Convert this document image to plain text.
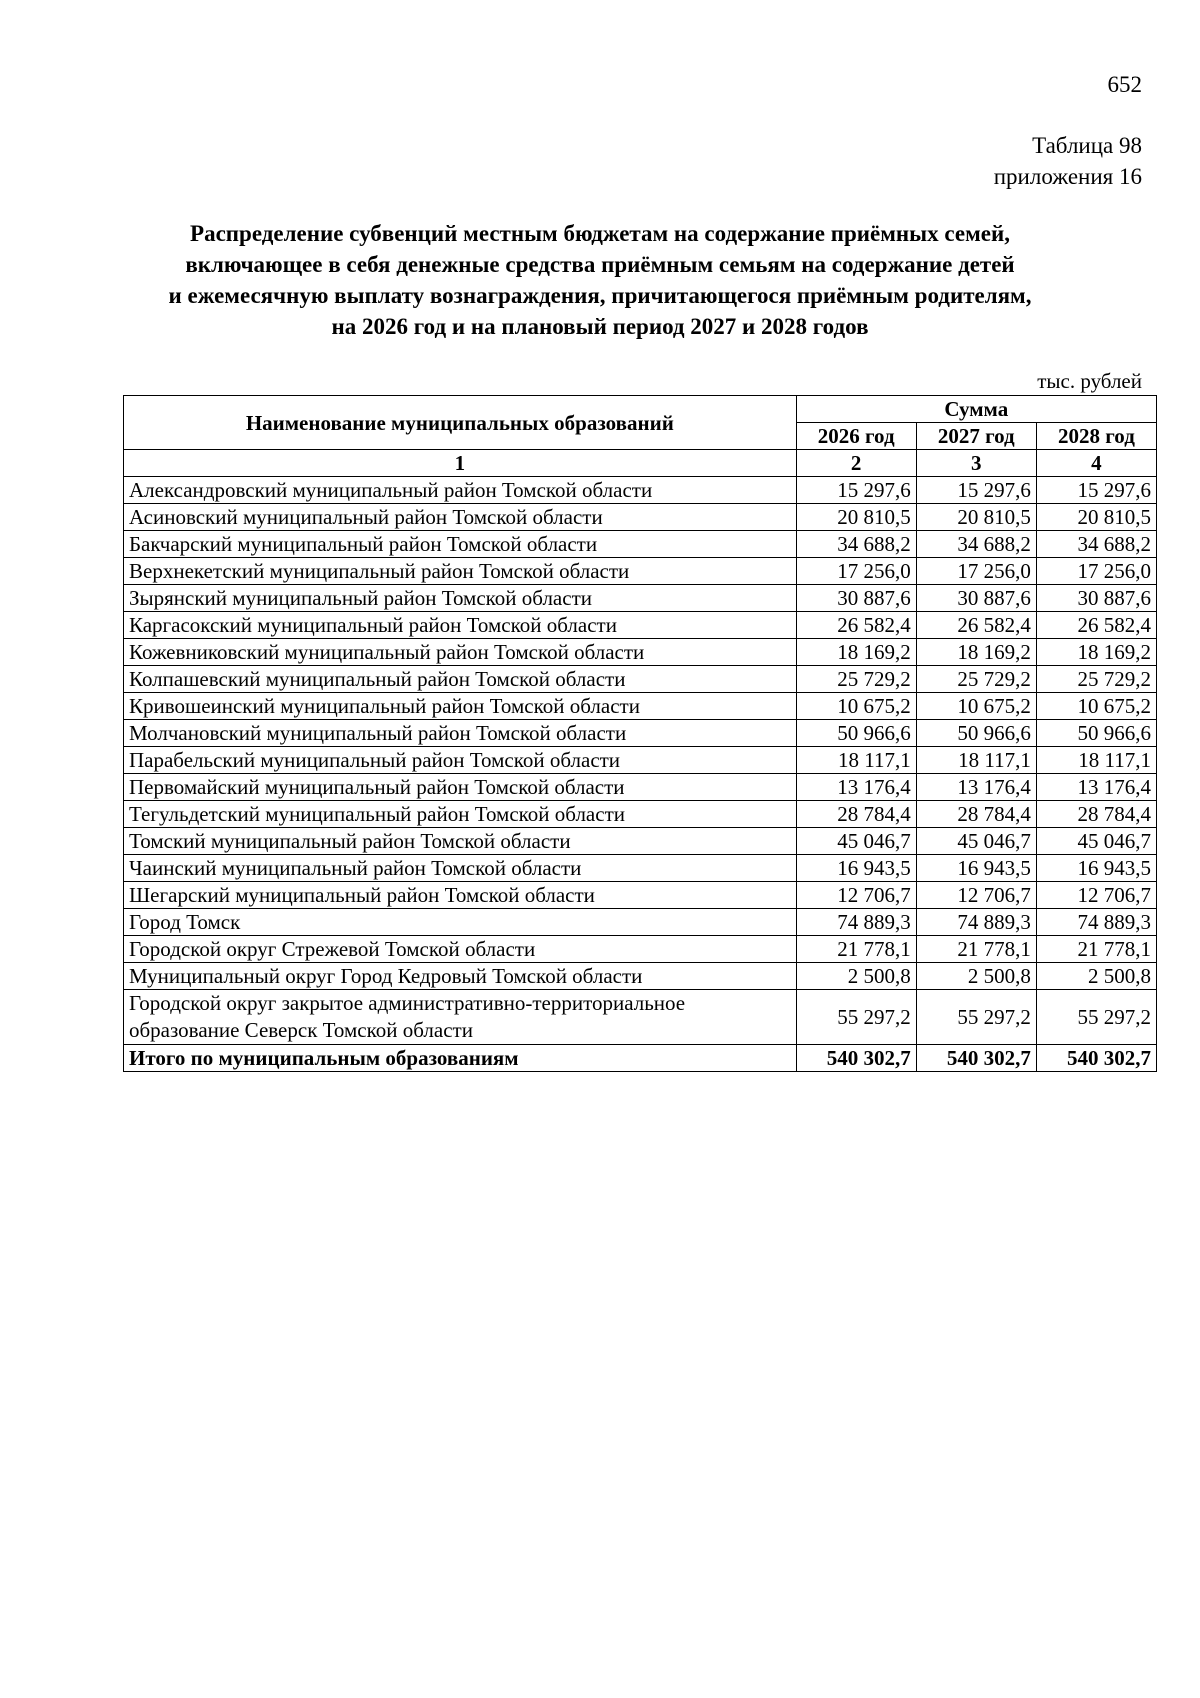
652
Таблица 98
приложения 16
Распределение субвенций местным бюджетам на содержание приёмных семей,
включающее в себя денежные средства приёмным семьям на содержание детей
и ежемесячную выплату вознаграждения, причитающегося приёмным родителям,
на 2026 год и на плановый период 2027 и 2028 годов
тыс. рублей
Наименование муниципальных образований	Сумма		
	2026 год	2027 год	2028 год
1	2	3	4
Александровский муниципальный район Томской области	15 297,6	15 297,6	15 297,6
Асиновский муниципальный район Томской области	20 810,5	20 810,5	20 810,5
Бакчарский муниципальный район Томской области	34 688,2	34 688,2	34 688,2
Верхнекетский муниципальный район Томской области	17 256,0	17 256,0	17 256,0
Зырянский муниципальный район Томской области	30 887,6	30 887,6	30 887,6
Каргасокский муниципальный район Томской области	26 582,4	26 582,4	26 582,4
Кожевниковский муниципальный район Томской области	18 169,2	18 169,2	18 169,2
Колпашевский муниципальный район Томской области	25 729,2	25 729,2	25 729,2
Кривошеинский муниципальный район Томской области	10 675,2	10 675,2	10 675,2
Молчановский муниципальный район Томской области	50 966,6	50 966,6	50 966,6
Парабельский муниципальный район Томской области	18 117,1	18 117,1	18 117,1
Первомайский муниципальный район Томской области	13 176,4	13 176,4	13 176,4
Тегульдетский муниципальный район Томской области	28 784,4	28 784,4	28 784,4
Томский муниципальный район Томской области	45 046,7	45 046,7	45 046,7
Чаинский муниципальный район Томской области	16 943,5	16 943,5	16 943,5
Шегарский муниципальный район Томской области	12 706,7	12 706,7	12 706,7
Город Томск	74 889,3	74 889,3	74 889,3
Городской округ Стрежевой Томской области	21 778,1	21 778,1	21 778,1
Муниципальный округ Город Кедровый Томской области	2 500,8	2 500,8	2 500,8
Городской округ закрытое административно-территориальное образование Северск Томской области	55 297,2	55 297,2	55 297,2
Итого по муниципальным образованиям	540 302,7	540 302,7	540 302,7
